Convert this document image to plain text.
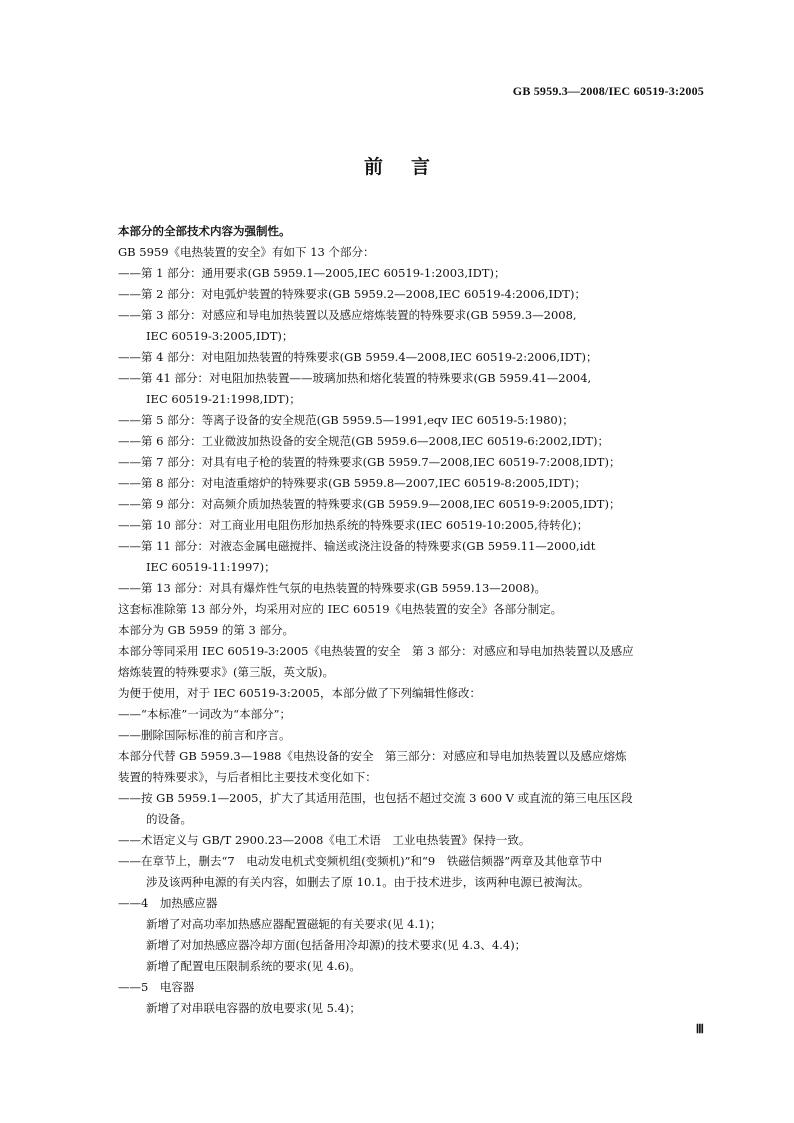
GB 5959.3—2008/IEC 60519-3:2005
前言
本部分的全部技术内容为强制性。
GB 5959《电热装置的安全》有如下 13 个部分：
——第 1 部分：通用要求(GB 5959.1—2005,IEC 60519-1:2003,IDT)；
——第 2 部分：对电弧炉装置的特殊要求(GB 5959.2—2008,IEC 60519-4:2006,IDT)；
——第 3 部分：对感应和导电加热装置以及感应熔炼装置的特殊要求(GB 5959.3—2008,
IEC 60519-3:2005,IDT)；
——第 4 部分：对电阻加热装置的特殊要求(GB 5959.4—2008,IEC 60519-2:2006,IDT)；
——第 41 部分：对电阻加热装置——玻璃加热和熔化装置的特殊要求(GB 5959.41—2004,
IEC 60519-21:1998,IDT)；
——第 5 部分：等离子设备的安全规范(GB 5959.5—1991,eqv IEC 60519-5:1980)；
——第 6 部分：工业微波加热设备的安全规范(GB 5959.6—2008,IEC 60519-6:2002,IDT)；
——第 7 部分：对具有电子枪的装置的特殊要求(GB 5959.7—2008,IEC 60519-7:2008,IDT)；
——第 8 部分：对电渣重熔炉的特殊要求(GB 5959.8—2007,IEC 60519-8:2005,IDT)；
——第 9 部分：对高频介质加热装置的特殊要求(GB 5959.9—2008,IEC 60519-9:2005,IDT)；
——第 10 部分：对工商业用电阻伤形加热系统的特殊要求(IEC 60519-10:2005,待转化)；
——第 11 部分：对液态金属电磁搅拌、输送或浇注设备的特殊要求(GB 5959.11—2000,idt
IEC 60519-11:1997)；
——第 13 部分：对具有爆炸性气氛的电热装置的特殊要求(GB 5959.13—2008)。
这套标准除第 13 部分外，均采用对应的 IEC 60519《电热装置的安全》各部分制定。
本部分为 GB 5959 的第 3 部分。
本部分等同采用 IEC 60519-3:2005《电热装置的安全　第 3 部分：对感应和导电加热装置以及感应
熔炼装置的特殊要求》(第三版，英文版)。
为便于使用，对于 IEC 60519-3:2005，本部分做了下列编辑性修改：
——“本标准”一词改为“本部分”；
——删除国际标准的前言和序言。
本部分代替 GB 5959.3—1988《电热设备的安全　第三部分：对感应和导电加热装置以及感应熔炼
装置的特殊要求》，与后者相比主要技术变化如下：
——按 GB 5959.1—2005，扩大了其适用范围，也包括不超过交流 3 600 V 或直流的第三电压区段
的设备。
——术语定义与 GB/T 2900.23—2008《电工术语　工业电热装置》保持一致。
——在章节上，删去“7　电动发电机式变频机组(变频机)”和“9　铁磁信频器”两章及其他章节中
涉及该两种电源的有关内容，如删去了原 10.1。由于技术进步，该两种电源已被淘汰。
——4　加热感应器
新增了对高功率加热感应器配置磁轭的有关要求(见 4.1)；
新增了对加热感应器冷却方面(包括备用冷却源)的技术要求(见 4.3、4.4)；
新增了配置电压限制系统的要求(见 4.6)。
——5　电容器
新增了对串联电容器的放电要求(见 5.4)；
Ⅲ
